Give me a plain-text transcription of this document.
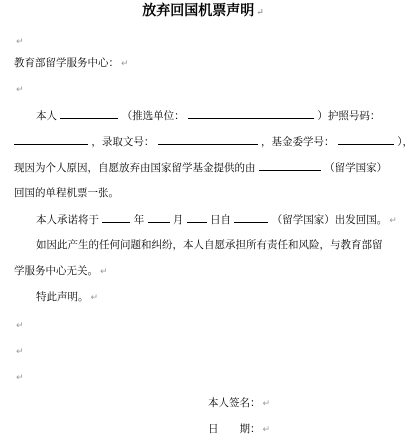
放弃回国机票声明 ↵
↵
教育部留学服务中心： ↵
↵
本人	（推选单位：	）护照号码：
，录取文号：	，基金委学号：	），
现因为个人原因，自愿放弃由国家留学基金提供的由	（留学国家）
回国的单程机票一张。
本人承诺将于	年	月	日自	（留学国家）出发回国。 ↵
如因此产生的任何问题和纠纷，本人自愿承担所有责任和风险，与教育部留
学服务中心无关。 ↵
特此声明。 ↵
↵
↵
↵
本人签名： ↵
日　　期： ↵
